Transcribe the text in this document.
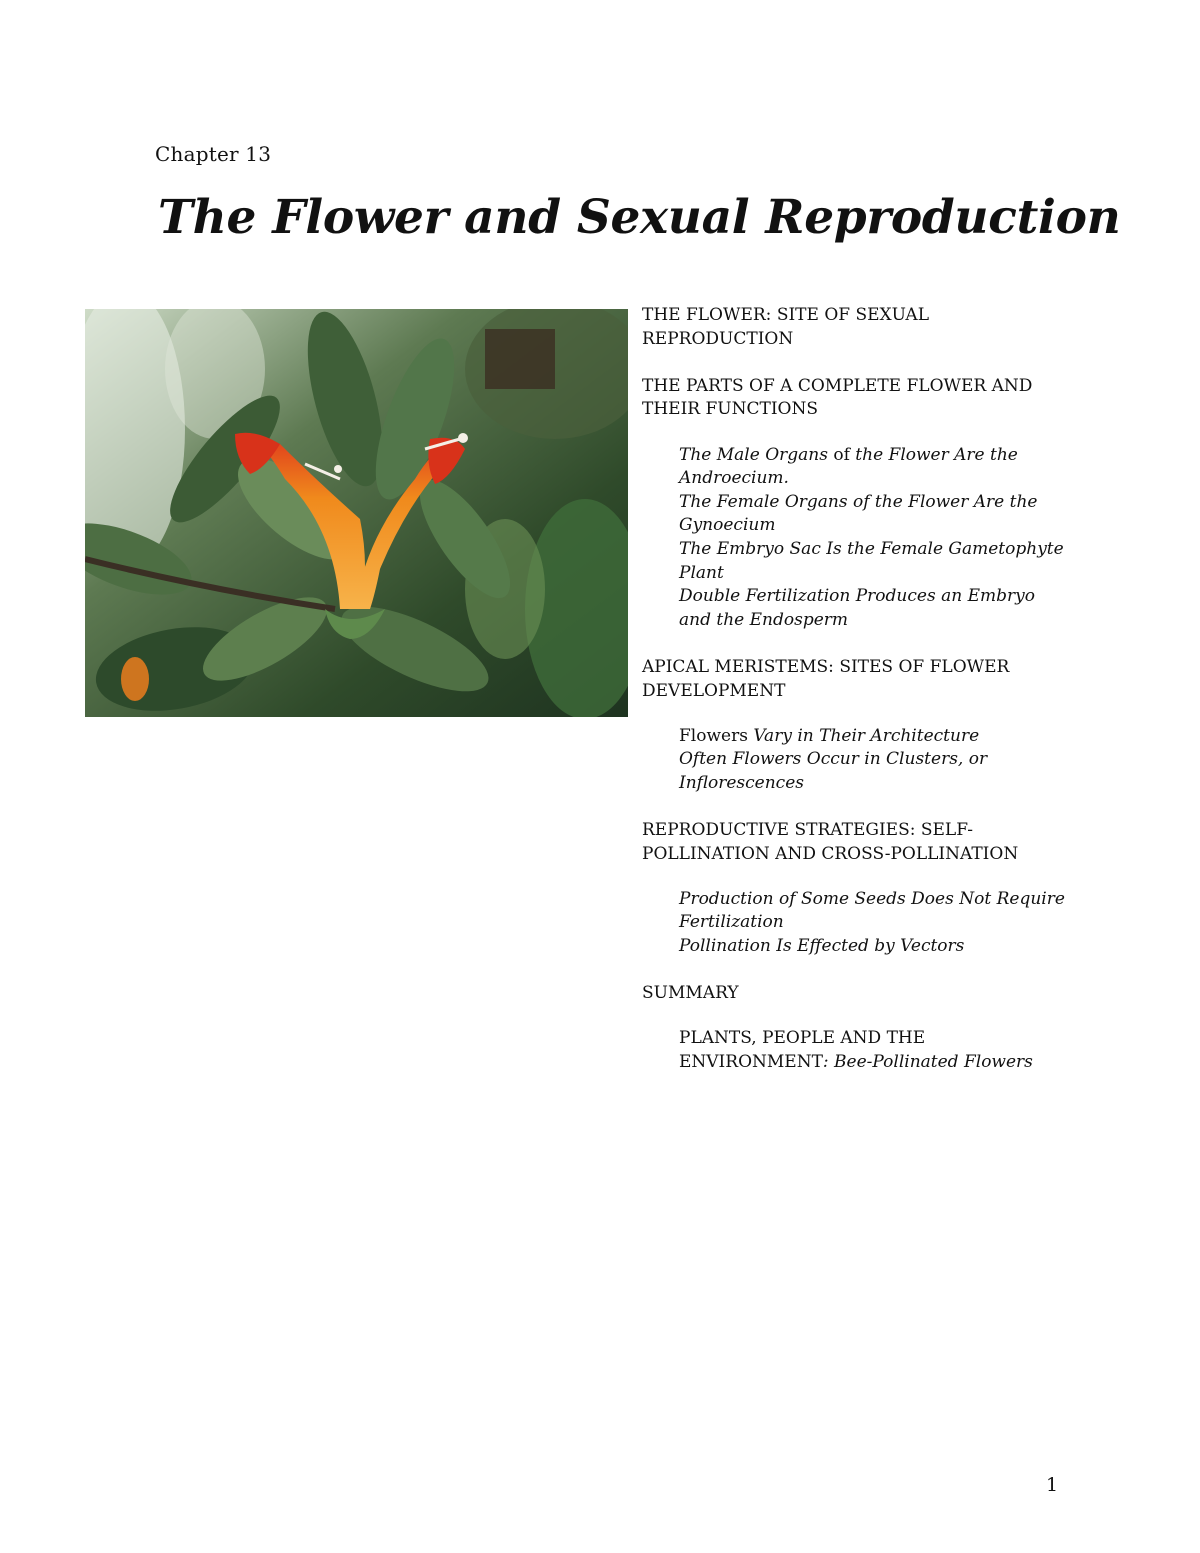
Chapter 13
The Flower and Sexual Reproduction
THE FLOWER: SITE OF SEXUAL REPRODUCTION
THE PARTS OF A COMPLETE FLOWER AND THEIR FUNCTIONS
The Male Organs of the Flower Are the Androecium.
The Female Organs of the Flower Are the Gynoecium
The Embryo Sac Is the Female Gametophyte Plant
Double Fertilization Produces an Embryo and the Endosperm
APICAL MERISTEMS: SITES OF FLOWER DEVELOPMENT
Flowers Vary in Their Architecture
Often Flowers Occur in Clusters, or Inflorescences
REPRODUCTIVE STRATEGIES: SELF-POLLINATION AND CROSS-POLLINATION
Production of Some Seeds Does Not Require Fertilization
Pollination Is Effected by Vectors
SUMMARY
PLANTS, PEOPLE AND THE ENVIRONMENT: Bee-Pollinated Flowers
1
